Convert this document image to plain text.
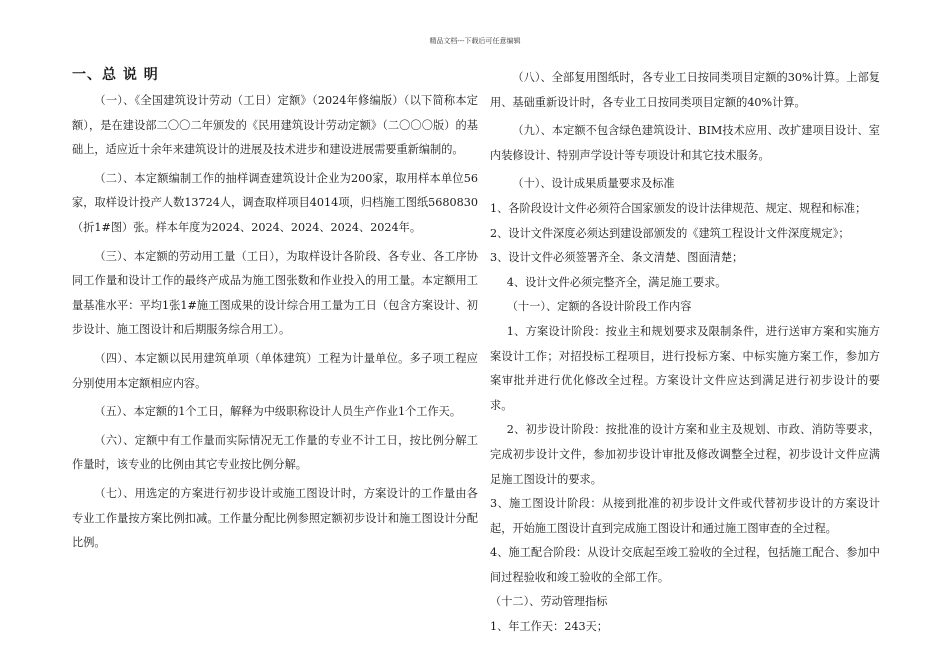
精品文档---下载后可任意编辑
一、总 说 明

（一）、《全国建筑设计劳动（工日）定额》（2024年修编版）（以下简称本定额），是在建设部二〇〇二年颁发的《民用建筑设计劳动定额》（二〇〇〇版）的基础上，适应近十余年来建筑设计的进展及技术进步和建设进展需要重新编制的。

（二）、本定额编制工作的抽样调查建筑设计企业为200家，取用样本单位56家，取样设计投产人数13724人，调查取样项目4014项，归档施工图纸5680830（折1#图）张。样本年度为2024、2024、2024、2024、2024年。

（三）、本定额的劳动用工量（工日），为取样设计各阶段、各专业、各工序协同工作量和设计工作的最终产成品为施工图张数和作业投入的用工量。本定额用工量基准水平：平均1张1#施工图成果的设计综合用工量为工日（包含方案设计、初步设计、施工图设计和后期服务综合用工）。

（四）、本定额以民用建筑单项（单体建筑）工程为计量单位。多子项工程应分别使用本定额相应内容。

（五）、本定额的1个工日，解释为中级职称设计人员生产作业1个工作天。

（六）、定额中有工作量而实际情况无工作量的专业不计工日，按比例分解工作量时，该专业的比例由其它专业按比例分解。

（七）、用选定的方案进行初步设计或施工图设计时，方案设计的工作量由各专业工作量按方案比例扣减。工作量分配比例参照定额初步设计和施工图设计分配比例。

（八）、全部复用图纸时，各专业工日按同类项目定额的30%计算。上部复用、基础重新设计时，各专业工日按同类项目定额的40%计算。

（九）、本定额不包含绿色建筑设计、BIM技术应用、改扩建项目设计、室内装修设计、特别声学设计等专项设计和其它技术服务。

（十）、设计成果质量要求及标准

1、各阶段设计文件必须符合国家颁发的设计法律规范、规定、规程和标准；

2、设计文件深度必须达到建设部颁发的《建筑工程设计文件深度规定》；

3、设计文件必须签署齐全、条文清楚、图面清楚；

4、设计文件必须完整齐全，满足施工要求。

（十一）、定额的各设计阶段工作内容

1、方案设计阶段：按业主和规划要求及限制条件，进行送审方案和实施方案设计工作；对招投标工程项目，进行投标方案、中标实施方案工作，参加方案审批并进行优化修改全过程。方案设计文件应达到满足进行初步设计的要求。

2、初步设计阶段：按批准的设计方案和业主及规划、市政、消防等要求，完成初步设计文件，参加初步设计审批及修改调整全过程，初步设计文件应满足施工图设计的要求。

3、施工图设计阶段：从接到批准的初步设计文件或代替初步设计的方案设计起，开始施工图设计直到完成施工图设计和通过施工图审查的全过程。

4、施工配合阶段：从设计交底起至竣工验收的全过程，包括施工配合、参加中间过程验收和竣工验收的全部工作。

（十二）、劳动管理指标

1、年工作天：243天；
